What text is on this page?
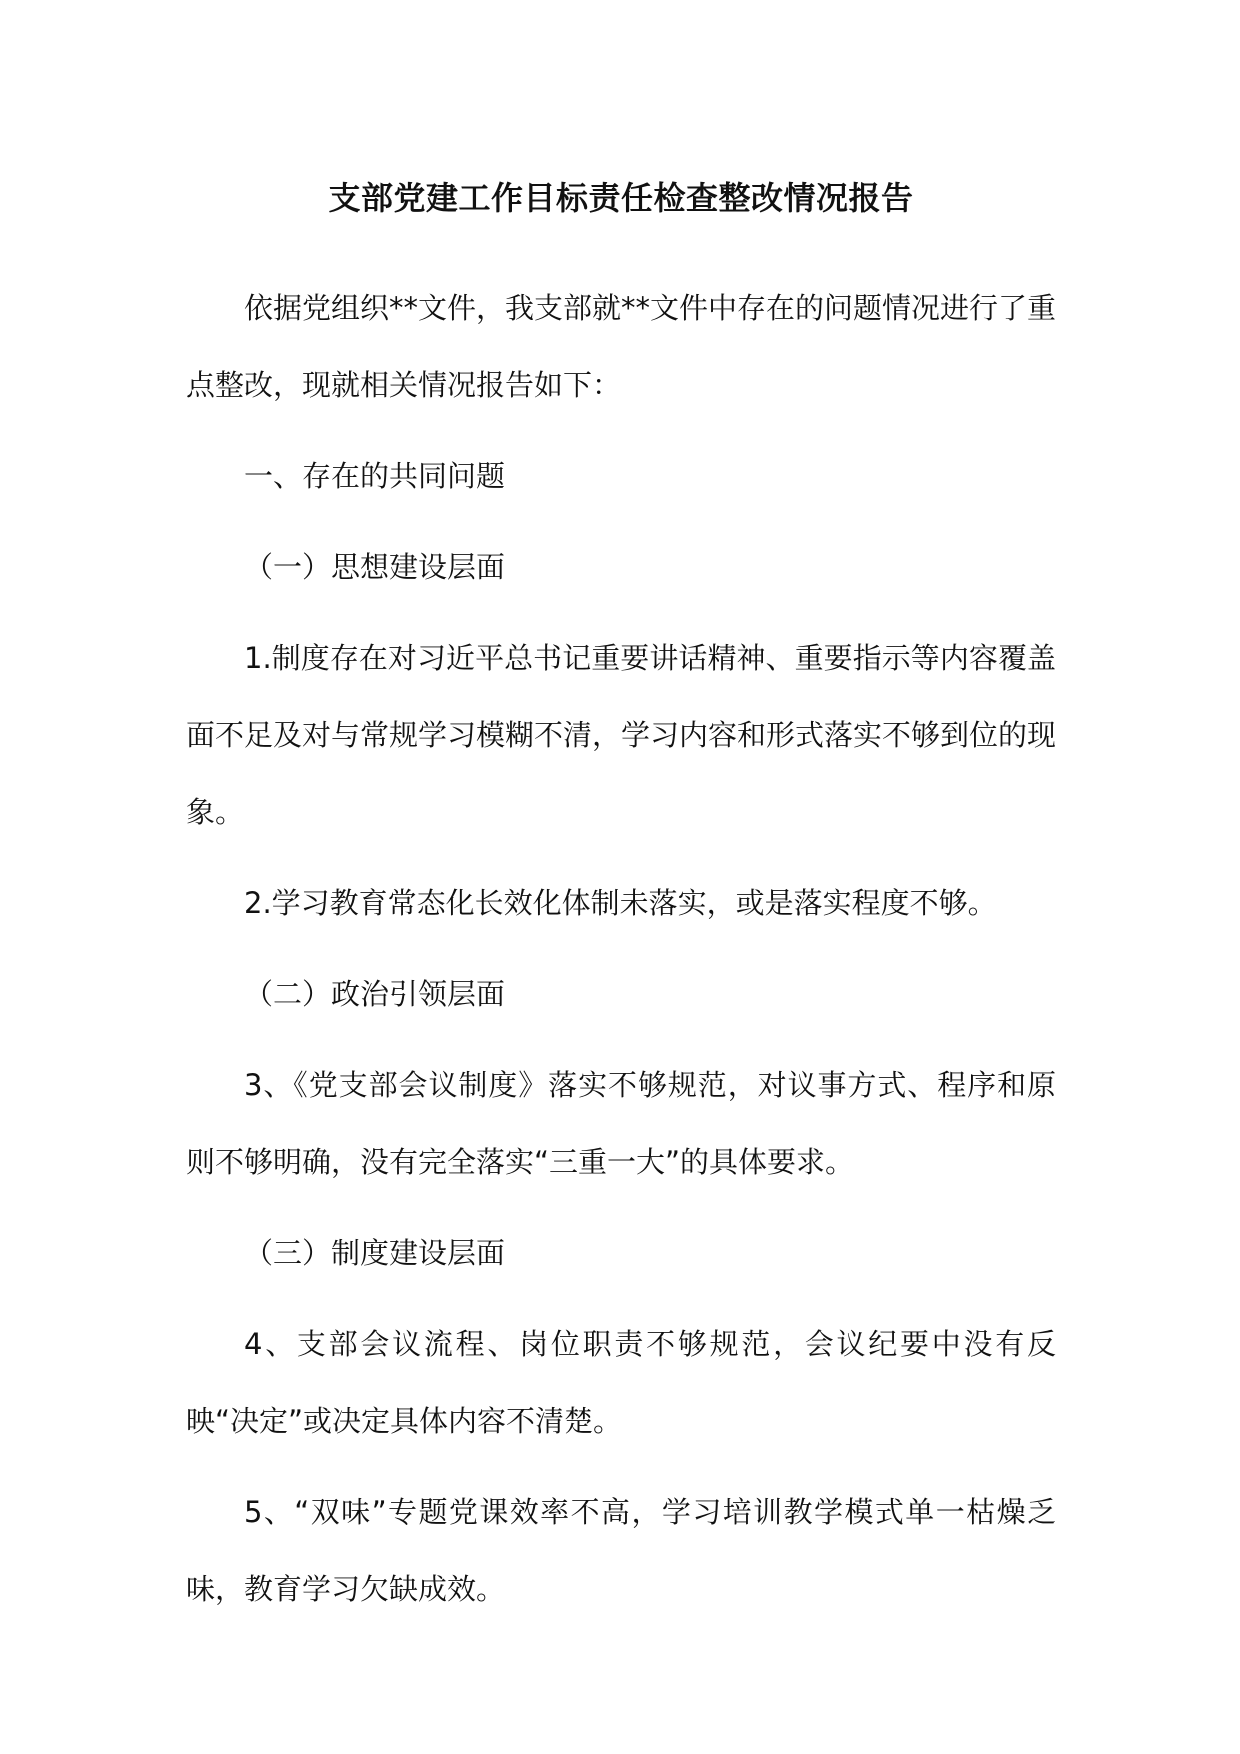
支部党建工作目标责任检查整改情况报告

依据党组织**文件，我支部就**文件中存在的问题情况进行了重点整改，现就相关情况报告如下：

一、存在的共同问题

（一）思想建设层面

1.制度存在对习近平总书记重要讲话精神、重要指示等内容覆盖面不足及对与常规学习模糊不清，学习内容和形式落实不够到位的现象。

2.学习教育常态化长效化体制未落实，或是落实程度不够。

（二）政治引领层面

3、《党支部会议制度》落实不够规范，对议事方式、程序和原则不够明确，没有完全落实“三重一大”的具体要求。

（三）制度建设层面

4、支部会议流程、岗位职责不够规范，会议纪要中没有反映“决定”或决定具体内容不清楚。

5、“双味”专题党课效率不高，学习培训教学模式单一枯燥乏味，教育学习欠缺成效。
